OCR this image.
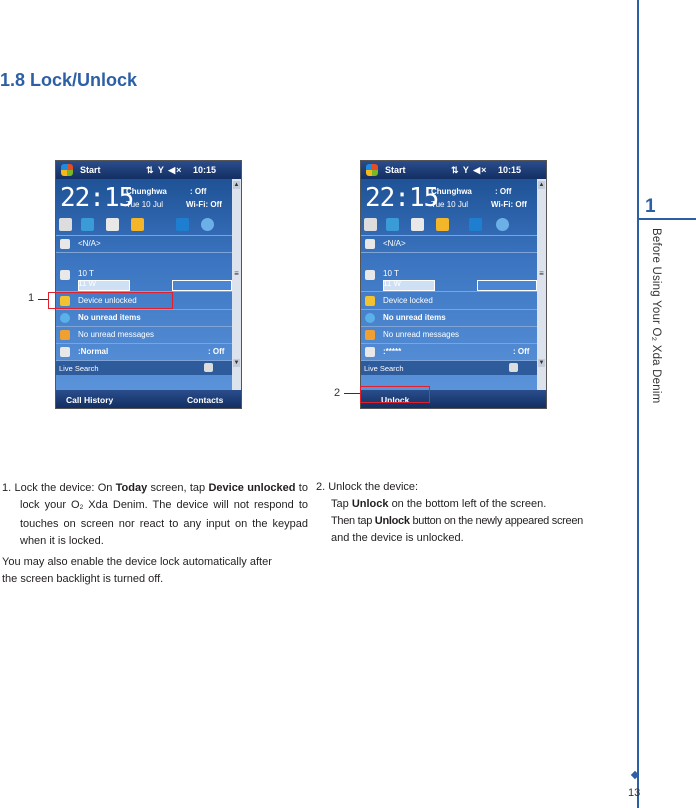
1
Before Using Your O₂ Xda Denim
13
1.8 Lock/Unlock
Start	⇅ Y ◀× 10:15
22:15
Chunghwa
Tue 10 Jul
: Off
Wi-Fi: Off
<N/A>
10 T
11 W
Device unlocked
No unread items
No unread messages
:Normal	: Off
Live Search
▲
≡
▼
Call History	Contacts
1
Start	⇅ Y ◀× 10:15
22:15
Chunghwa
Tue 10 Jul
: Off
Wi-Fi: Off
<N/A>
10 T
11 W
Device locked
No unread items
No unread messages
:*****	: Off
Live Search
▲
≡
▼
Unlock
2
1. Lock the device: On Today screen, tap Device unlocked to lock your O2 Xda Denim. The device will not respond to touches on screen nor react to any input on the keypad when it is locked.
You may also enable the device lock automatically after the screen backlight is turned off.
2. Unlock the device:
Tap Unlock on the bottom left of the screen.
Then tap Unlock button on the newly appeared screen
and the device is unlocked.
